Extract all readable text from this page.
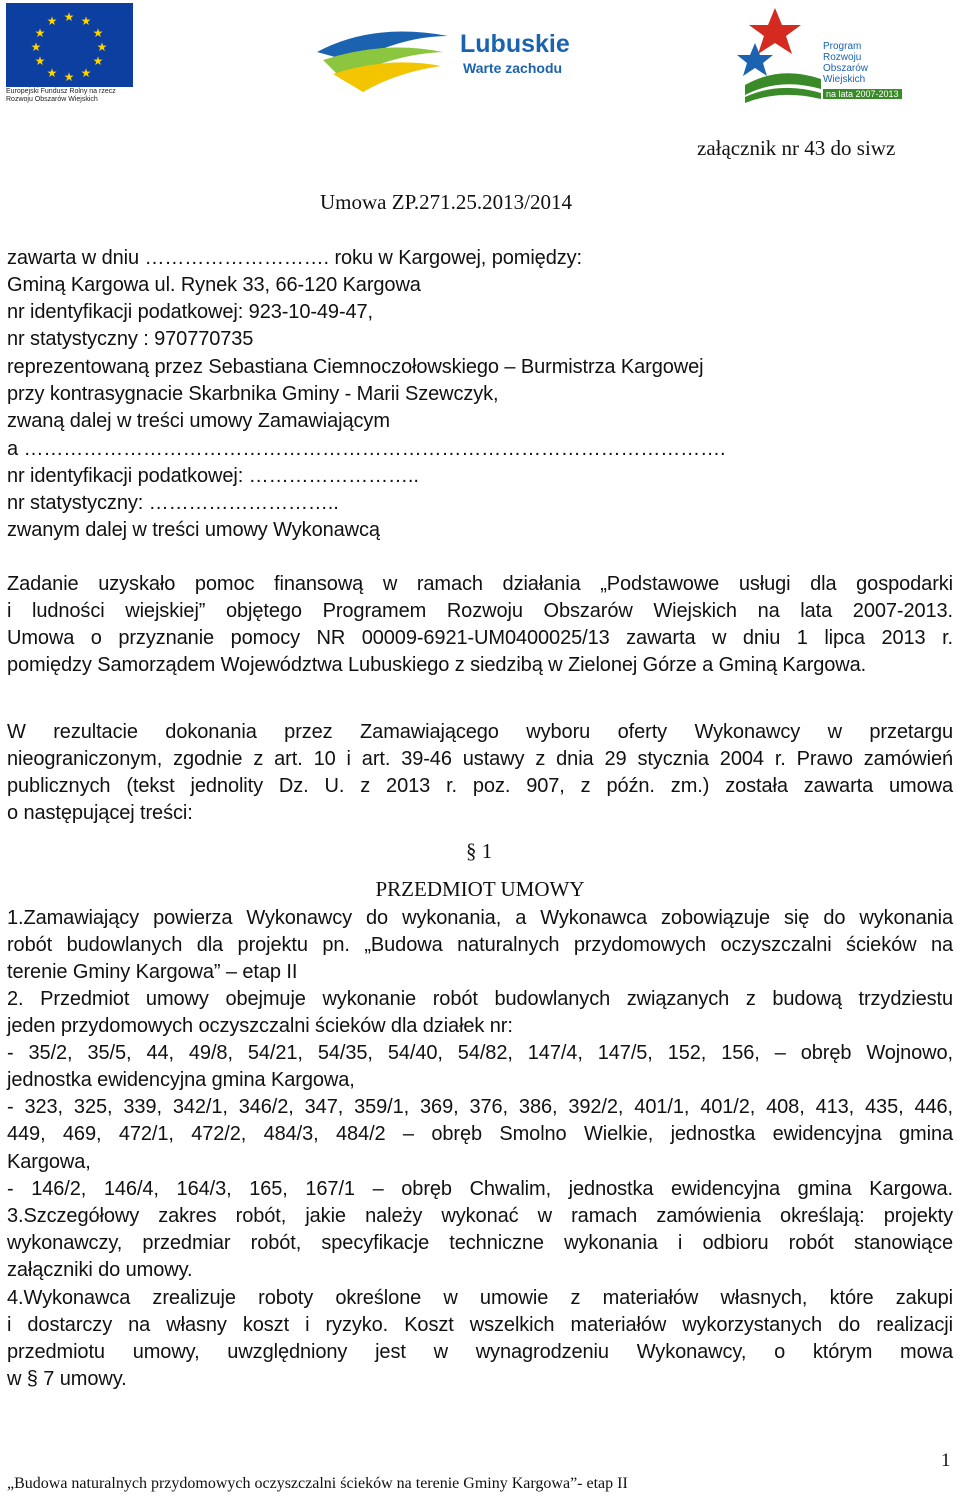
★ ★
★
★
★
★
★
★
★
★
★
★
Europejski Fundusz Rolny na rzecz
Rozwoju Obszarów Wiejskich
Lubuskie
Warte zachodu
Program
Rozwoju
Obszarów
Wiejskich
na lata 2007-2013
załącznik nr 43 do siwz
Umowa ZP.271.25.2013/2014
zawarta w dniu ………………………. roku w Kargowej, pomiędzy:
Gminą Kargowa ul. Rynek 33, 66-120 Kargowa
nr identyfikacji podatkowej: 923-10-49-47,
nr statystyczny : 970770735
reprezentowaną przez Sebastiana Ciemnoczołowskiego – Burmistrza Kargowej
przy kontrasygnacie Skarbnika Gminy - Marii Szewczyk,
zwaną dalej w treści umowy Zamawiającym
a …………………………………………………………………………………………….
nr identyfikacji podatkowej: ……………………..
nr statystyczny: ………………………..
zwanym dalej w treści umowy Wykonawcą
Zadanie uzyskało pomoc finansową w ramach działania „Podstawowe usługi dla gospodarki
i ludności wiejskiej” objętego Programem Rozwoju Obszarów Wiejskich na lata 2007-2013.
Umowa o przyznanie pomocy NR 00009-6921-UM0400025/13 zawarta w dniu 1 lipca 2013 r.
pomiędzy Samorządem Województwa Lubuskiego z siedzibą w Zielonej Górze a Gminą Kargowa.
W rezultacie dokonania przez Zamawiającego wyboru oferty Wykonawcy w przetargu
nieograniczonym, zgodnie z art. 10 i art. 39-46 ustawy z dnia 29 stycznia 2004 r. Prawo zamówień
publicznych (tekst jednolity Dz. U. z 2013 r. poz. 907, z późn. zm.) została zawarta umowa
o następującej treści:
§ 1
PRZEDMIOT UMOWY
1.Zamawiający powierza Wykonawcy do wykonania, a Wykonawca zobowiązuje się do wykonania
robót budowlanych dla projektu pn. „Budowa naturalnych przydomowych oczyszczalni ścieków na
terenie Gminy Kargowa” – etap II
2. Przedmiot umowy obejmuje wykonanie robót budowlanych związanych z budową trzydziestu
jeden przydomowych oczyszczalni ścieków dla działek nr:
- 35/2, 35/5, 44, 49/8, 54/21, 54/35, 54/40, 54/82, 147/4, 147/5, 152, 156, – obręb Wojnowo,
jednostka ewidencyjna gmina Kargowa,
- 323, 325, 339, 342/1, 346/2, 347, 359/1, 369, 376, 386, 392/2, 401/1, 401/2, 408, 413, 435, 446,
449, 469, 472/1, 472/2, 484/3, 484/2 – obręb Smolno Wielkie, jednostka ewidencyjna gmina
Kargowa,
- 146/2, 146/4, 164/3, 165, 167/1 – obręb Chwalim, jednostka ewidencyjna gmina Kargowa.
3.Szczegółowy zakres robót, jakie należy wykonać w ramach zamówienia określają: projekty
wykonawczy, przedmiar robót, specyfikacje techniczne wykonania i odbioru robót stanowiące
załączniki do umowy.
4.Wykonawca zrealizuje roboty określone w umowie z materiałów własnych, które zakupi
i dostarczy na własny koszt i ryzyko. Koszt wszelkich materiałów wykorzystanych do realizacji
przedmiotu umowy, uwzględniony jest w wynagrodzeniu Wykonawcy, o którym mowa
w § 7 umowy.
1
„Budowa naturalnych przydomowych oczyszczalni ścieków na terenie Gminy Kargowa”- etap II
